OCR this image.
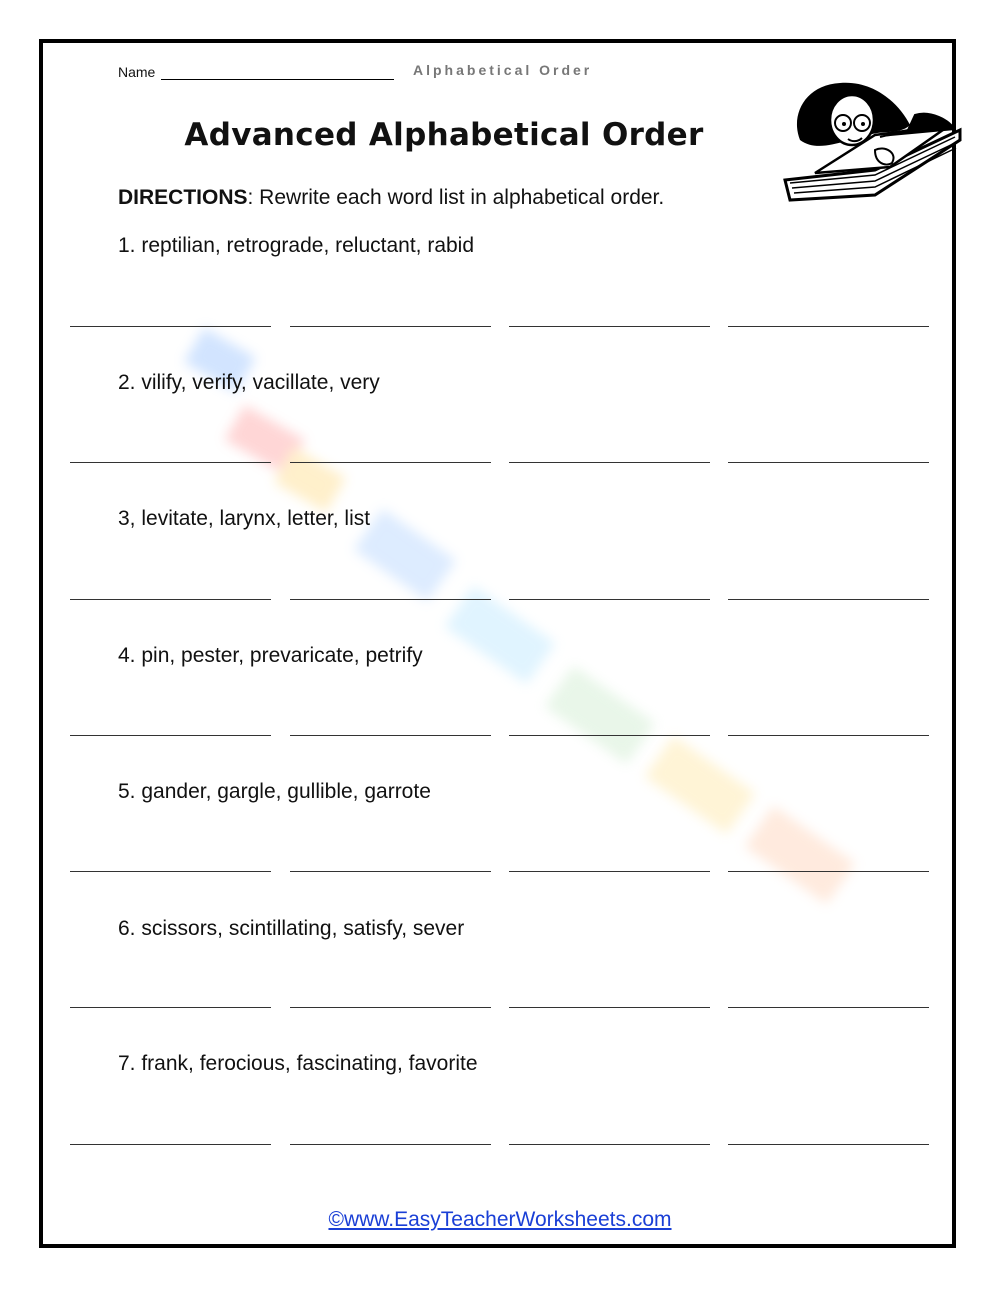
Name	Alphabetical Order
Advanced Alphabetical Order
DIRECTIONS: Rewrite each word list in alphabetical order.
1. reptilian, retrograde, reluctant, rabid
2. vilify, verify, vacillate, very
3, levitate, larynx, letter, list
4. pin, pester, prevaricate, petrify
5. gander, gargle, gullible, garrote
6. scissors, scintillating, satisfy, sever
7. frank, ferocious, fascinating, favorite
©www.EasyTeacherWorksheets.com
